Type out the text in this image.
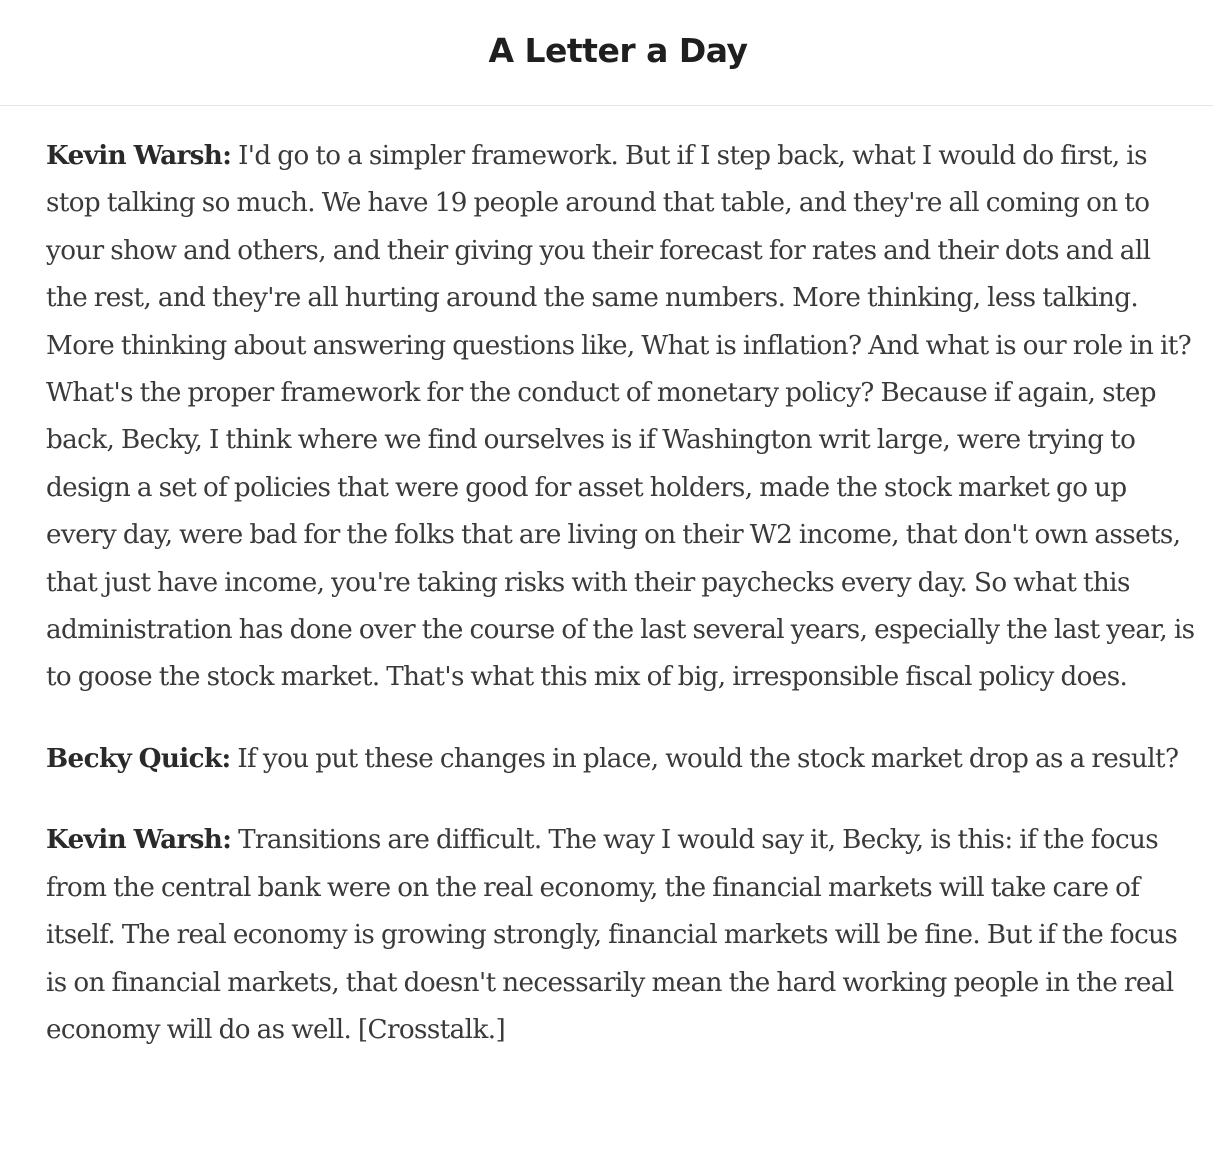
A Letter a Day

Kevin Warsh: I'd go to a simpler framework. But if I step back, what I would do first, is stop talking so much. We have 19 people around that table, and they're all coming on to your show and others, and their giving you their forecast for rates and their dots and all the rest, and they're all hurting around the same numbers. More thinking, less talking. More thinking about answering questions like, What is inflation? And what is our role in it? What's the proper framework for the conduct of monetary policy? Because if again, step back, Becky, I think where we find ourselves is if Washington writ large, were trying to design a set of policies that were good for asset holders, made the stock market go up every day, were bad for the folks that are living on their W2 income, that don't own assets, that just have income, you're taking risks with their paychecks every day. So what this administration has done over the course of the last several years, especially the last year, is to goose the stock market. That's what this mix of big, irresponsible fiscal policy does.

Becky Quick: If you put these changes in place, would the stock market drop as a result?

Kevin Warsh: Transitions are difficult. The way I would say it, Becky, is this: if the focus from the central bank were on the real economy, the financial markets will take care of itself. The real economy is growing strongly, financial markets will be fine. But if the focus is on financial markets, that doesn't necessarily mean the hard working people in the real economy will do as well. [Crosstalk.]
